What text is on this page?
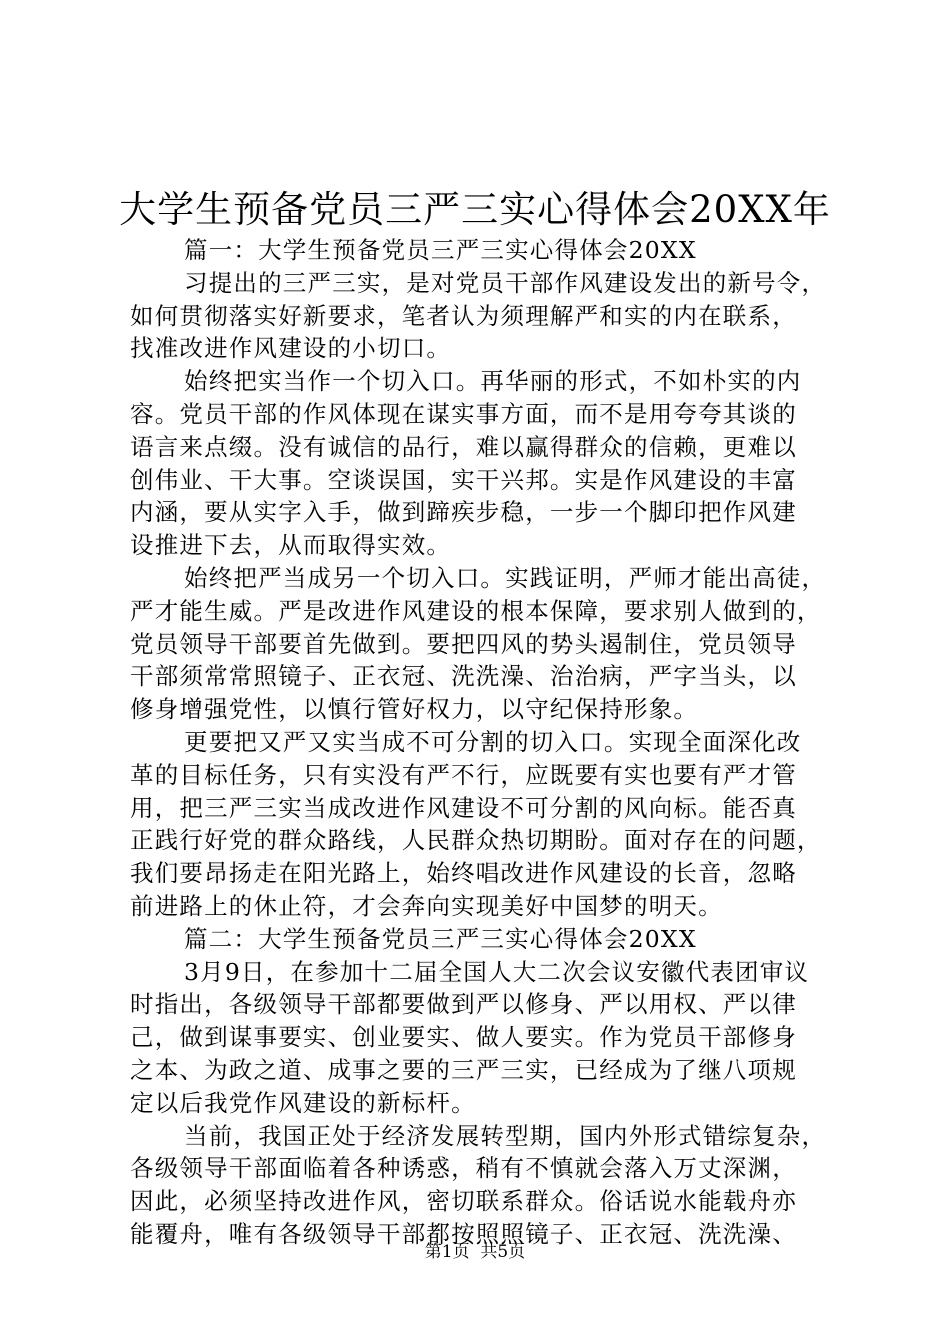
大学生预备党员三严三实心得体会20XX年
篇一：大学生预备党员三严三实心得体会20XX
习提出的三严三实，是对党员干部作风建设发出的新号令，
如何贯彻落实好新要求，笔者认为须理解严和实的内在联系，
找准改进作风建设的小切口。
始终把实当作一个切入口。再华丽的形式，不如朴实的内
容。党员干部的作风体现在谋实事方面，而不是用夸夸其谈的
语言来点缀。没有诚信的品行，难以赢得群众的信赖，更难以
创伟业、干大事。空谈误国，实干兴邦。实是作风建设的丰富
内涵，要从实字入手，做到蹄疾步稳，一步一个脚印把作风建
设推进下去，从而取得实效。
始终把严当成另一个切入口。实践证明，严师才能出高徒，
严才能生威。严是改进作风建设的根本保障，要求别人做到的，
党员领导干部要首先做到。要把四风的势头遏制住，党员领导
干部须常常照镜子、正衣冠、洗洗澡、治治病，严字当头，以
修身增强党性，以慎行管好权力，以守纪保持形象。
更要把又严又实当成不可分割的切入口。实现全面深化改
革的目标任务，只有实没有严不行，应既要有实也要有严才管
用，把三严三实当成改进作风建设不可分割的风向标。能否真
正践行好党的群众路线，人民群众热切期盼。面对存在的问题，
我们要昂扬走在阳光路上，始终唱改进作风建设的长音，忽略
前进路上的休止符，才会奔向实现美好中国梦的明天。
篇二：大学生预备党员三严三实心得体会20XX
3月9日，在参加十二届全国人大二次会议安徽代表团审议
时指出，各级领导干部都要做到严以修身、严以用权、严以律
己，做到谋事要实、创业要实、做人要实。作为党员干部修身
之本、为政之道、成事之要的三严三实，已经成为了继八项规
定以后我党作风建设的新标杆。
当前，我国正处于经济发展转型期，国内外形式错综复杂，
各级领导干部面临着各种诱惑，稍有不慎就会落入万丈深渊，
因此，必须坚持改进作风，密切联系群众。俗话说水能载舟亦
能覆舟，唯有各级领导干部都按照照镜子、正衣冠、洗洗澡、
第1页  共5页
